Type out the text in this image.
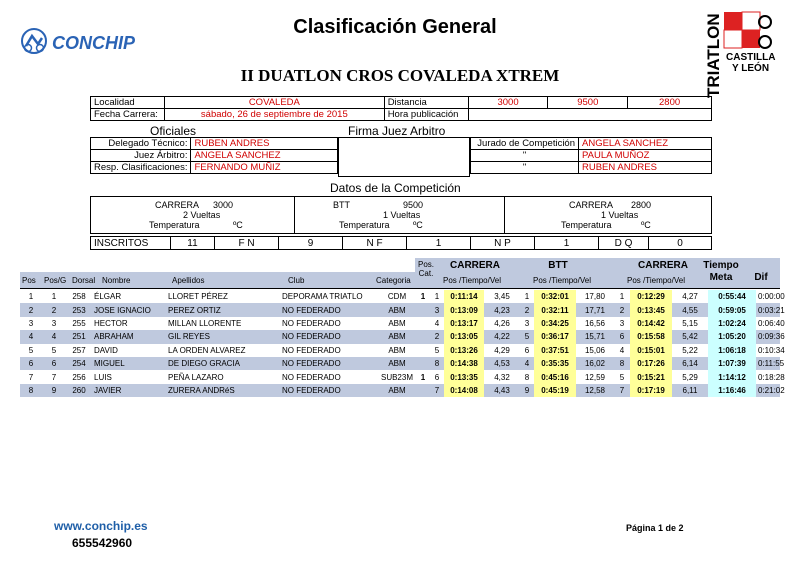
CONCHIP
Clasificación General
II DUATLON CROS COVALEDA XTREM	TRIATLON CASTILLA
Y LEÓN
Localidad	COVALEDA	Distancia	3000	9500	2800
Fecha Carrera:	sábado, 26 de septiembre de 2015	Hora publicación			
Oficiales	Firma Juez Arbitro
Delegado Técnico:	RUBEN ANDRES
Juez Árbitro:	ANGELA SANCHEZ
Resp. Clasificaciones:	FERNANDO MUÑIZ
Jurado de Competición	ANGELA SANCHEZ
"	PAULA MUÑOZ
"	RUBEN ANDRES
Datos de la Competición
CARRERA 3000
2 Vueltas
Temperatura	ºC
BTT	9500
1 Vueltas
Temperatura	ºC
CARRERA 2800
1 Vueltas
Temperatura	ºC
INSCRITOS	11	F N	9	N F	1	N P	1	D Q	0
Pos Pos/G Dorsal Nombre	Apellidos	Club	Categoria
Pos.
Cat.
CARRERA
Pos /Tiempo/Vel
BTT
Pos /Tiempo/Vel
CARRERA
Pos /Tiempo/Vel
Tiempo
Meta	Dif
1	1	258	ÉLGAR	LLORET PÉREZ	DEPORAMA TRIATLO	CDM	1	1	0:11:14	3,45	1	0:32:01	17,80	1	0:12:29	4,27	0:55:44	0:00:00
2	2	253	JOSE IGNACIO	PEREZ ORTIZ	NO FEDERADO	ABM		3	0:13:09	4,23	2	0:32:11	17,71	2	0:13:45	4,55	0:59:05	0:03:21
3	3	255	HECTOR	MILLAN LLORENTE	NO FEDERADO	ABM		4	0:13:17	4,26	3	0:34:25	16,56	3	0:14:42	5,15	1:02:24	0:06:40
4	4	251	ABRAHAM	GIL REYES	NO FEDERADO	ABM		2	0:13:05	4,22	5	0:36:17	15,71	6	0:15:58	5,42	1:05:20	0:09:36
5	5	257	DAVID	LA ORDEN ALVAREZ	NO FEDERADO	ABM		5	0:13:26	4,29	6	0:37:51	15,06	4	0:15:01	5,22	1:06:18	0:10:34
6	6	254	MIGUEL	DE DIEGO GRACIA	NO FEDERADO	ABM		8	0:14:38	4,53	4	0:35:35	16,02	8	0:17:26	6,14	1:07:39	0:11:55
7	7	256	LUIS	PEÑA LAZARO	NO FEDERADO	SUB23M	1	6	0:13:35	4,32	8	0:45:16	12,59	5	0:15:21	5,29	1:14:12	0:18:28
8	9	260	JAVIER	ZURERA ANDRéS	NO FEDERADO	ABM		7	0:14:08	4,43	9	0:45:19	12,58	7	0:17:19	6,11	1:16:46	0:21:02
www.conchip.es
655542960
Página 1 de 2
